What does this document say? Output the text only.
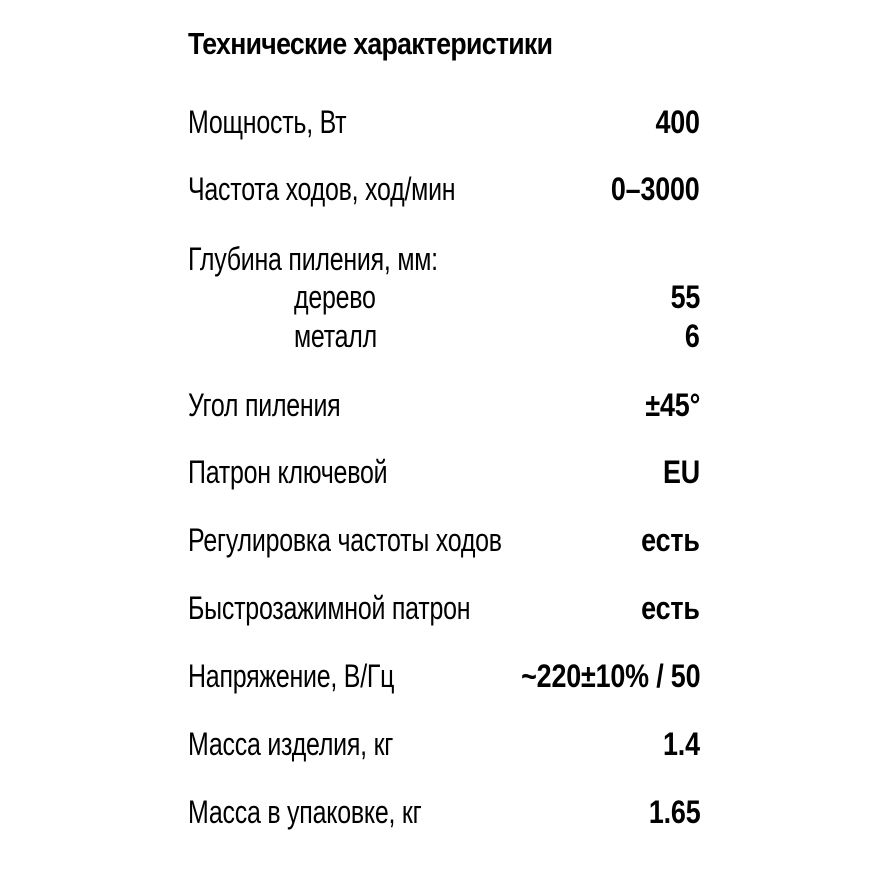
Технические характеристики
Мощность, Вт	400
Частота ходов, ход/мин	0–3000
Глубина пиления, мм:
дерево	55
металл	6
Угол пиления	±45°
Патрон ключевой	EU
Регулировка частоты ходов	есть
Быстрозажимной патрон	есть
Напряжение, В/Гц	~220±10% / 50
Масса изделия, кг	1.4
Масса в упаковке, кг	1.65
